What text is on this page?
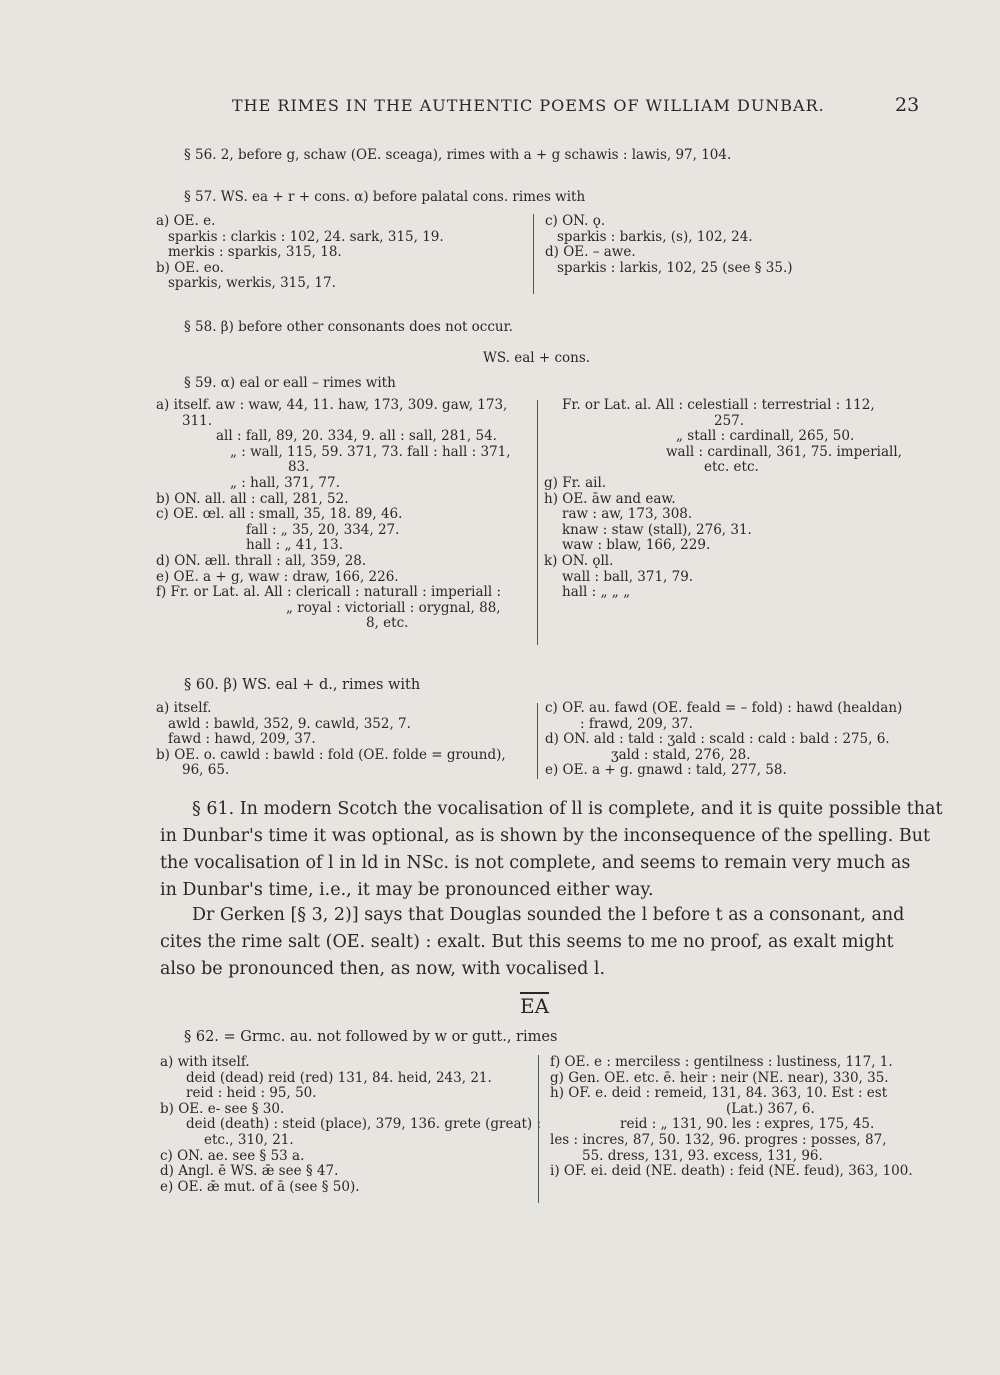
THE RIMES IN THE AUTHENTIC POEMS OF WILLIAM DUNBAR.	23
§ 56. 2, before g, schaw (OE. sceaga), rimes with a + g schawis : lawis, 97, 104.
§ 57. WS. ea + r + cons. α) before palatal cons. rimes with
a) OE. e.
sparkis : clarkis : 102, 24. sark, 315, 19.
merkis : sparkis, 315, 18.
b) OE. eo.
sparkis, werkis, 315, 17.
c) ON. ǫ.
sparkis : barkis, (s), 102, 24.
d) OE. – awe.
sparkis : larkis, 102, 25 (see § 35.)
§ 58. β) before other consonants does not occur.
WS. eal + cons.
§ 59. α) eal or eall – rimes with
a) itself. aw : waw, 44, 11. haw, 173, 309. gaw, 173,
311.
all : fall, 89, 20. 334, 9. all : sall, 281, 54.
„ : wall, 115, 59. 371, 73. fall : hall : 371,
83.
„ : hall, 371, 77.
b) ON. all. all : call, 281, 52.
c) OE. œl. all : small, 35, 18. 89, 46.
fall : „ 35, 20, 334, 27.
hall : „ 41, 13.
d) ON. æll. thrall : all, 359, 28.
e) OE. a + g, waw : draw, 166, 226.
f) Fr. or Lat. al. All : clericall : naturall : imperiall :
„ royal : victoriall : orygnal, 88,
8, etc.
Fr. or Lat. al. All : celestiall : terrestrial : 112,
257.
„ stall : cardinall, 265, 50.
wall : cardinall, 361, 75. imperiall,
etc. etc.
g) Fr. ail.
h) OE. āw and eaw.
raw : aw, 173, 308.
knaw : staw (stall), 276, 31.
waw : blaw, 166, 229.
k) ON. ǫll.
wall : ball, 371, 79.
hall : „ „ „
§ 60. β) WS. eal + d., rimes with
a) itself.
awld : bawld, 352, 9. cawld, 352, 7.
fawd : hawd, 209, 37.
b) OE. o. cawld : bawld : fold (OE. folde = ground),
96, 65.
c) OF. au. fawd (OE. feald = – fold) : hawd (healdan)
: frawd, 209, 37.
d) ON. ald : tald : ʒald : scald : cald : bald : 275, 6.
ʒald : stald, 276, 28.
e) OE. a + g. gnawd : tald, 277, 58.
§ 61. In modern Scotch the vocalisation of ll is complete, and it is quite possible that
in Dunbar's time it was optional, as is shown by the inconsequence of the spelling. But
the vocalisation of l in ld in NSc. is not complete, and seems to remain very much as
in Dunbar's time, i.e., it may be pronounced either way.
Dr Gerken [§ 3, 2)] says that Douglas sounded the l before t as a consonant, and
cites the rime salt (OE. sealt) : exalt. But this seems to me no proof, as exalt might
also be pronounced then, as now, with vocalised l.
$\overline{EA}$
§ 62. = Grmc. au. not followed by w or gutt., rimes
a) with itself.
deid (dead) reid (red) 131, 84. heid, 243, 21.
reid : heid : 95, 50.
b) OE. e- see § 30.
deid (death) : steid (place), 379, 136. grete (great) :
etc., 310, 21.
c) ON. ae. see § 53 a.
d) Angl. ē WS. ǣ see § 47.
e) OE. ǣ mut. of ā (see § 50).
f) OE. e : merciless : gentilness : lustiness, 117, 1.
g) Gen. OE. etc. ē. heir : neir (NE. near), 330, 35.
h) OF. e. deid : remeid, 131, 84. 363, 10. Est : est
(Lat.) 367, 6.
reid : „ 131, 90. les : expres, 175, 45.
les : incres, 87, 50. 132, 96. progres : posses, 87,
55. dress, 131, 93. excess, 131, 96.
i) OF. ei. deid (NE. death) : feid (NE. feud), 363, 100.
